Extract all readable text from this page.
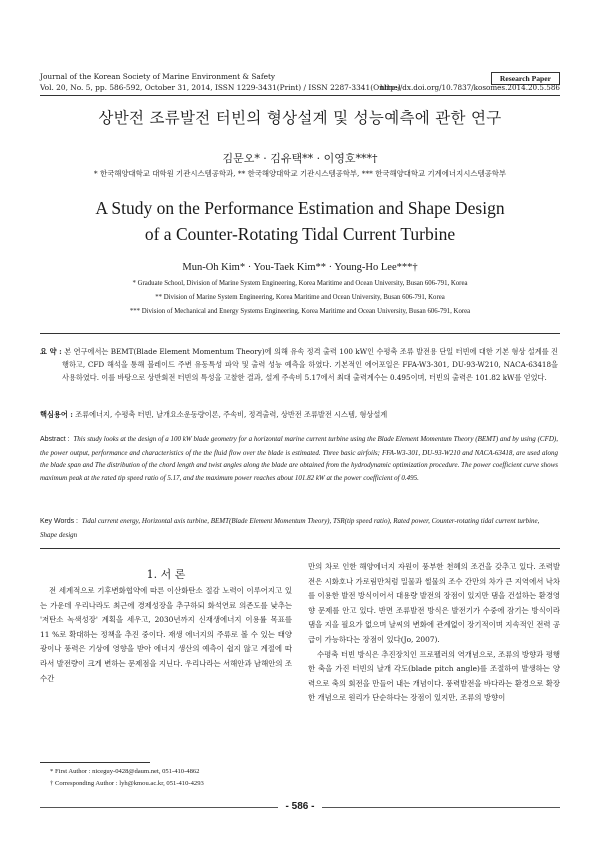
Journal of the Korean Society of Marine Environment & Safety
Vol. 20, No. 5, pp. 586-592, October 31, 2014, ISSN 1229-3431(Print) / ISSN 2287-3341(Online)
Research Paper
http://dx.doi.org/10.7837/kosomes.2014.20.5.586
상반전 조류발전 터빈의 형상설계 및 성능예측에 관한 연구
김문오* · 김유택** · 이영호***†
* 한국해양대학교 대학원 기관시스템공학과, ** 한국해양대학교 기관시스템공학부, *** 한국해양대학교 기계에너지시스템공학부
A Study on the Performance Estimation and Shape Design
of a Counter-Rotating Tidal Current Turbine
Mun-Oh Kim* · You-Taek Kim** · Young-Ho Lee***†
* Graduate School, Division of Marine System Engineering, Korea Maritime and Ocean University, Busan 606-791, Korea
** Division of Marine System Engineering, Korea Maritime and Ocean University, Busan 606-791, Korea
*** Division of Mechanical and Energy Systems Engineering, Korea Maritime and Ocean University, Busan 606-791, Korea
요 약 : 본 연구에서는 BEMT(Blade Element Momentum Theory)에 의해 유속 정격 출력 100 kW인 수평축 조류 발전용 단일 터빈에 대한 기본 형상 설계를 진행하고, CFD 해석을 통해 블레이드 주변 유동특성 파악 및 출력 성능 예측을 하였다. 기본적인 에어포일은 FFA-W3-301, DU-93-W210, NACA-63418을 사용하였다. 이를 바탕으로 상반회전 터빈의 특성을 고찰한 결과, 설계 주속비 5.17에서 최대 출력계수는 0.495이며, 터빈의 출력은 101.82 kW를 얻었다.
핵심용어 : 조류에너지, 수평축 터빈, 날개요소운동량이론, 주속비, 정격출력, 상반전 조류발전 시스템, 형상설계
Abstract : This study looks at the design of a 100 kW blade geometry for a horizontal marine current turbine using the Blade Element Momentum Theory (BEMT) and by using (CFD), the power output, performance and characteristics of the the fluid flow over the blade is estimated. Three basic airfoils; FFA-W3-301, DU-93-W210 and NACA-63418, are used along the blade span and The distribution of the chord length and twist angles along the blade are obtained from the hydrodynamic optimization procedure. The power coefficient curve shows maximum peak at the rated tip speed ratio of 5.17, and the maximum power reaches about 101.82 kW at the power coefficient of 0.495.
Key Words : Tidal current energy, Horizontal axis turbine, BEMT(Blade Element Momentum Theory), TSR(tip speed ratio), Rated power, Counter-rotating tidal current turbine, Shape design
1. 서 론
전 세계적으로 기후변화협약에 따른 이산화탄소 절감 노력이 이루어지고 있는 가운데 우리나라도 최근에 경제성장을 추구하되 화석연료 의존도를 낮추는 '저탄소 녹색성장' 계획을 세우고, 2030년까지 신재생에너지 이용률 목표를 11 %로 확대하는 정책을 추진 중이다. 재생 에너지의 주류로 볼 수 있는 태양광이나 풍력은 기상에 영향을 받아 에너지 생산의 예측이 쉽지 않고 계절에 따라서 발전량이 크게 변하는 문제점을 지닌다. 우리나라는 서해안과 남해안의 조수간

만의 차로 인한 해양에너지 자원이 풍부한 천혜의 조건을 갖추고 있다. 조력발전은 시화호나 가로림만처럼 밀물과 썰물의 조수 간만의 차가 큰 지역에서 낙차를 이용한 발전 방식이어서 대용량 발전의 장점이 있지만 댐을 건설하는 환경영향 문제를 안고 있다. 반면 조류발전 방식은 발전기가 수중에 잠기는 방식이라 댐을 지을 필요가 없으며 날씨의 변화에 관계없이 장기적이며 지속적인 전력 공급이 가능하다는 장점이 있다(Jo, 2007).

수평축 터빈 방식은 추진장치인 프로펠러의 역개념으로, 조류의 방향과 평행한 축을 가진 터빈의 날개 각도(blade pitch angle)를 조절하여 발생하는 양력으로 축의 회전을 만들어 내는 개념이다. 풍력발전을 바다라는 환경으로 확장한 개념으로 원리가 단순하다는 장점이 있지만, 조류의 방향이

* First Author : niceguy-0428@daum.net, 051-410-4862
† Corresponding Author : lyh@kmou.ac.kr, 051-410-4293
- 586 -
